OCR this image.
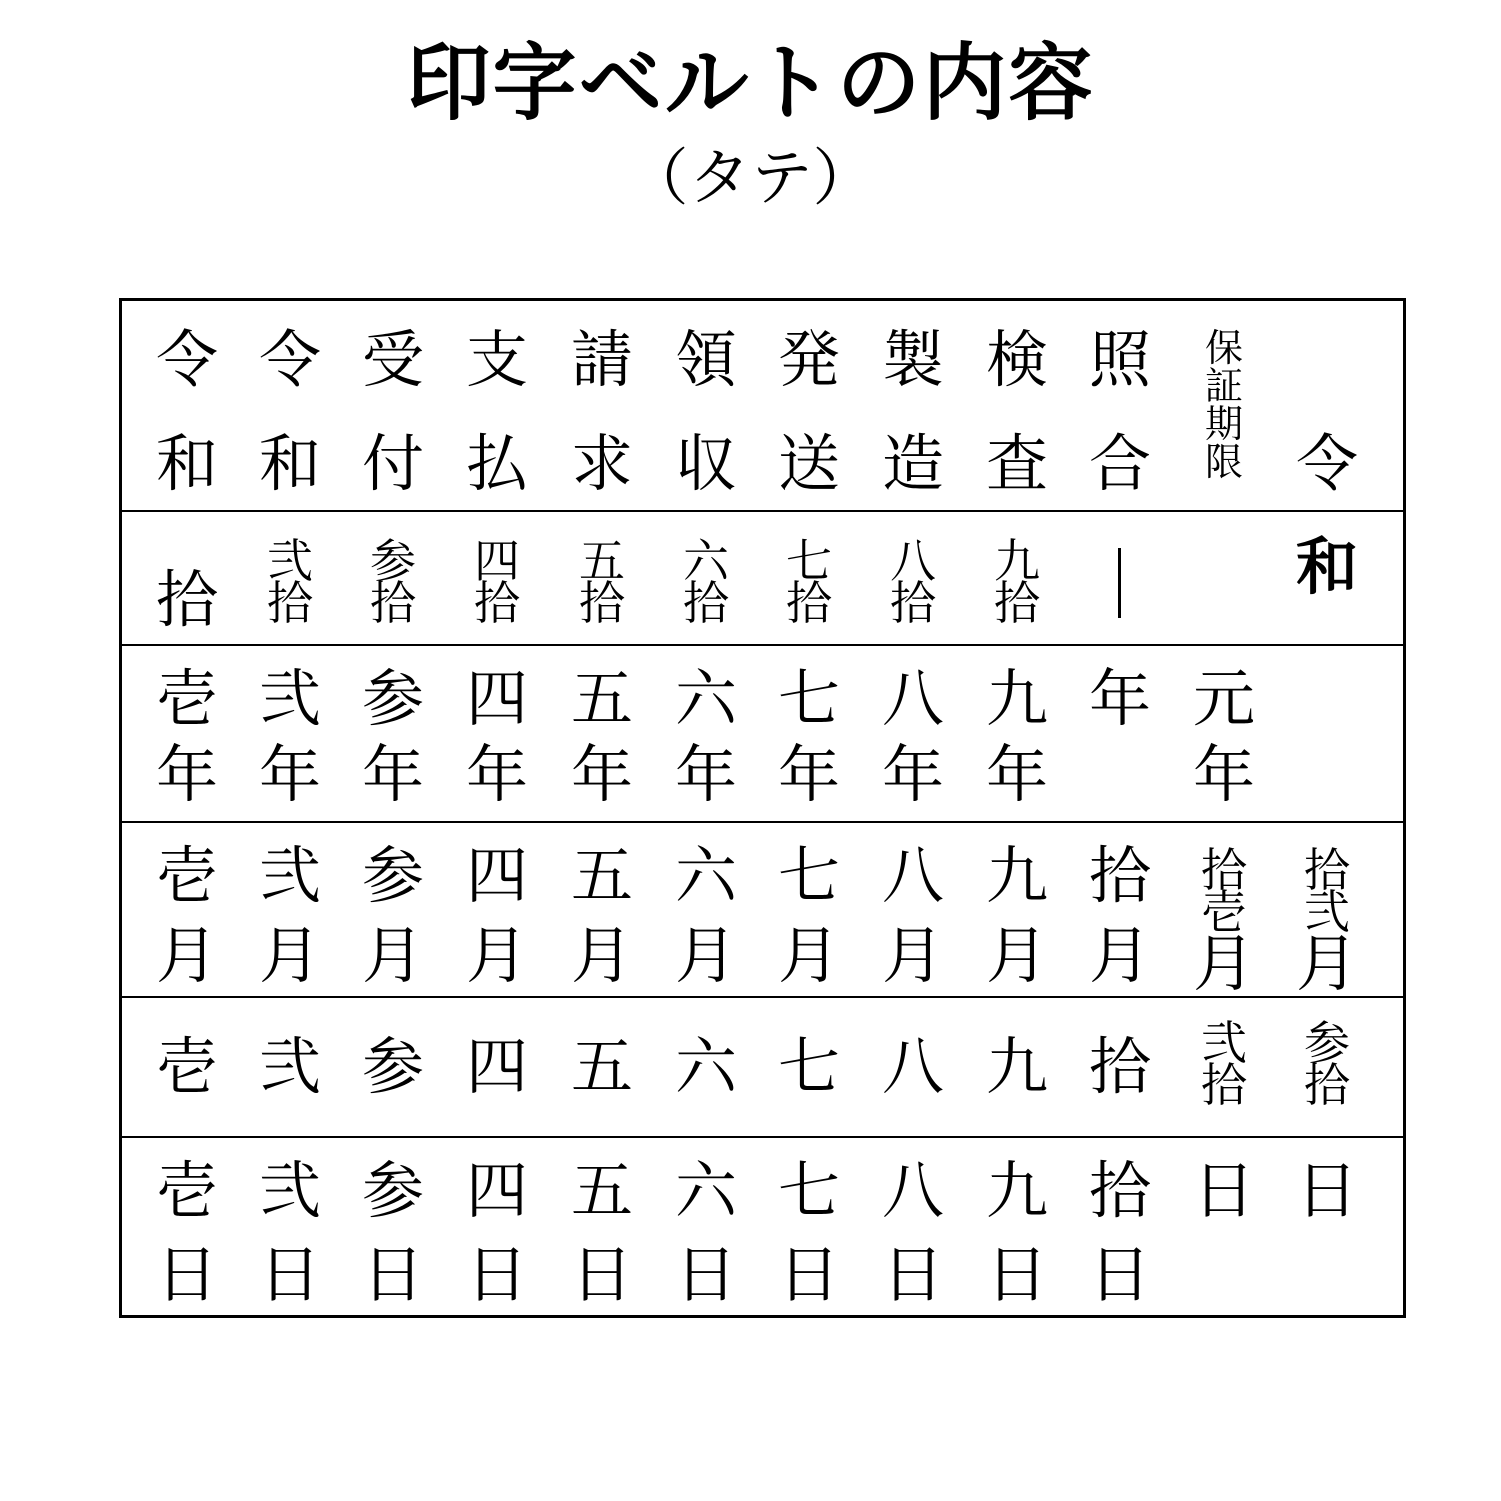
印字ベルトの内容
（タテ）
令
和
令
和
受
付
支
払
請
求
領
収
発
送
製
造
検
査
照
合
保
証
期
限 令
拾
弐
拾
参
拾
四
拾
五
拾
六
拾
七
拾
八
拾
九
拾	和
壱
年
弐
年
参
年
四
年
五
年
六
年
七
年
八
年
九
年
年 元
年
壱
月
弐
月
参
月
四
月
五
月
六
月
七
月
八
月
九
月
拾
月
拾
壱
月
拾
弐
月
壱 弐 参 四 五 六 七 八 九 拾	弐
拾
参
拾
壱
日
弐
日
参
日
四
日
五
日
六
日
七
日
八
日
九
日
拾
日
日 日
